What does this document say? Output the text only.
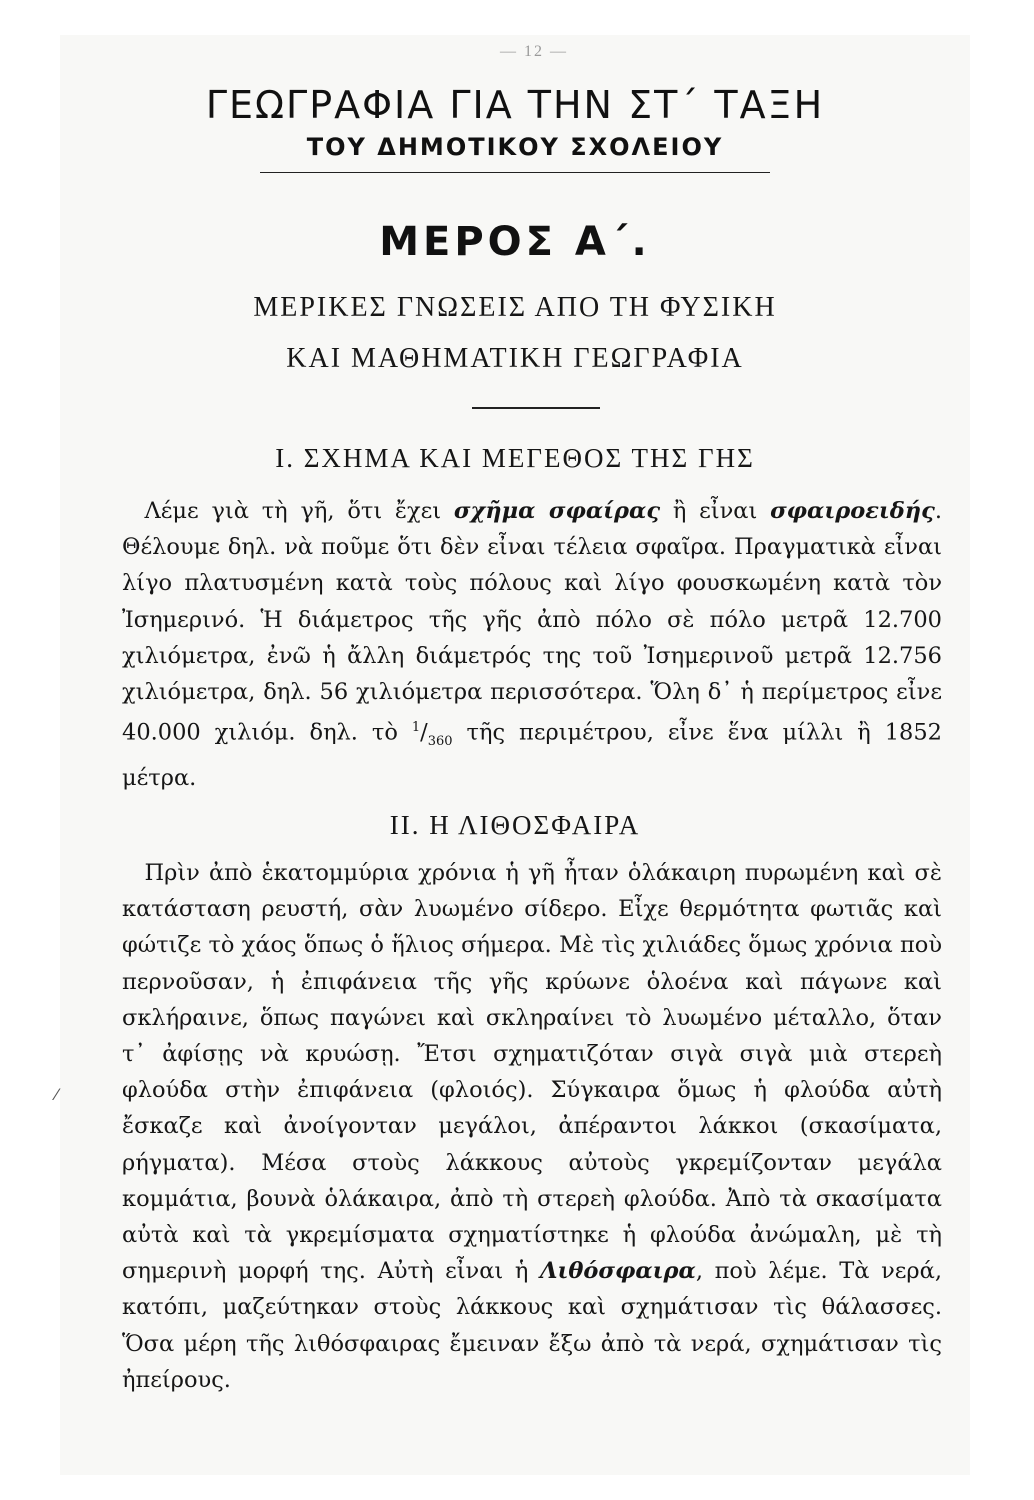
— 12 —
ΓΕΩΓΡΑΦΙΑ ΓΙΑ ΤΗΝ ΣΤ΄ ΤΑΞΗ
ΤΟΥ ΔΗΜΟΤΙΚΟΥ ΣΧΟΛΕΙΟΥ
ΜΕΡΟΣ Α΄.
ΜΕΡΙΚΕΣ ΓΝΩΣΕΙΣ ΑΠΟ ΤΗ ΦΥΣΙΚΗ
ΚΑΙ ΜΑΘΗΜΑΤΙΚΗ ΓΕΩΓΡΑΦΙΑ
Ι. ΣΧΗΜΑ ΚΑΙ ΜΕΓΕΘΟΣ ΤΗΣ ΓΗΣ
 Λέμε γιὰ τὴ γῆ, ὅτι ἔχει σχῆμα σφαίρας ἢ εἶναι σφαιροειδής. Θέλουμε δηλ. νὰ ποῦμε ὅτι δὲν εἶναι τέλεια σφαῖρα. Πραγματικὰ εἶναι λίγο πλατυσμένη κατὰ τοὺς πόλους καὶ λίγο φουσκωμένη κατὰ τὸν Ἰσημερινό. Ἡ διάμετρος τῆς γῆς ἀπὸ πόλο σὲ πόλο μετρᾶ 12.700 χιλιόμετρα, ἐνῶ ἡ ἄλλη διάμετρός της τοῦ Ἰσημερινοῦ μετρᾶ 12.756 χιλιόμετρα, δηλ. 56 χιλιόμετρα περισσότερα. Ὅλη δ᾿ ἡ περίμετρος εἶνε 40.000 χιλιόμ. δηλ. τὸ $^1/_{360}$ τῆς περιμέτρου, εἶνε ἕνα μίλλι ἢ 1852 μέτρα.
ΙΙ. Η ΛΙΘΟΣΦΑΙΡΑ
 Πρὶν ἀπὸ ἑκατομμύρια χρόνια ἡ γῆ ἦταν ὁλάκαιρη πυρωμένη καὶ σὲ κατάσταση ρευστή, σὰν λυωμένο σίδερο. Εἶχε θερμότητα φωτιᾶς καὶ φώτιζε τὸ χάος ὅπως ὁ ἥλιος σήμερα. Μὲ τὶς χιλιάδες ὅμως χρόνια ποὺ περνοῦσαν, ἡ ἐπιφάνεια τῆς γῆς κρύωνε ὁλοένα καὶ πάγωνε καὶ σκλήραινε, ὅπως παγώνει καὶ σκληραίνει τὸ λυωμένο μέταλλο, ὅταν τ᾿ ἀφίσῃς νὰ κρυώσῃ. Ἔτσι σχηματιζόταν σιγὰ σιγὰ μιὰ στερεὴ φλούδα στὴν ἐπιφάνεια (φλοιός). Σύγκαιρα ὅμως ἡ φλούδα αὐτὴ ἔσκαζε καὶ ἀνοίγονταν μεγάλοι, ἀπέραντοι λάκκοι (σκασίματα, ρήγματα). Μέσα στοὺς λάκκους αὐτοὺς γκρεμίζονταν μεγάλα κομμάτια, βουνὰ ὁλάκαιρα, ἀπὸ τὴ στερεὴ φλούδα. Ἀπὸ τὰ σκασίματα αὐτὰ καὶ τὰ γκρεμίσματα σχηματίστηκε ἡ φλούδα ἀνώμαλη, μὲ τὴ σημερινὴ μορφή της. Αὐτὴ εἶναι ἡ Λιθόσφαιρα, ποὺ λέμε. Τὰ νερά, κατόπι, μαζεύτηκαν στοὺς λάκκους καὶ σχημάτισαν τὶς θάλασσες. Ὅσα μέρη τῆς λιθόσφαιρας ἔμειναν ἔξω ἀπὸ τὰ νερά, σχημάτισαν τὶς ἠπείρους.
⁄
